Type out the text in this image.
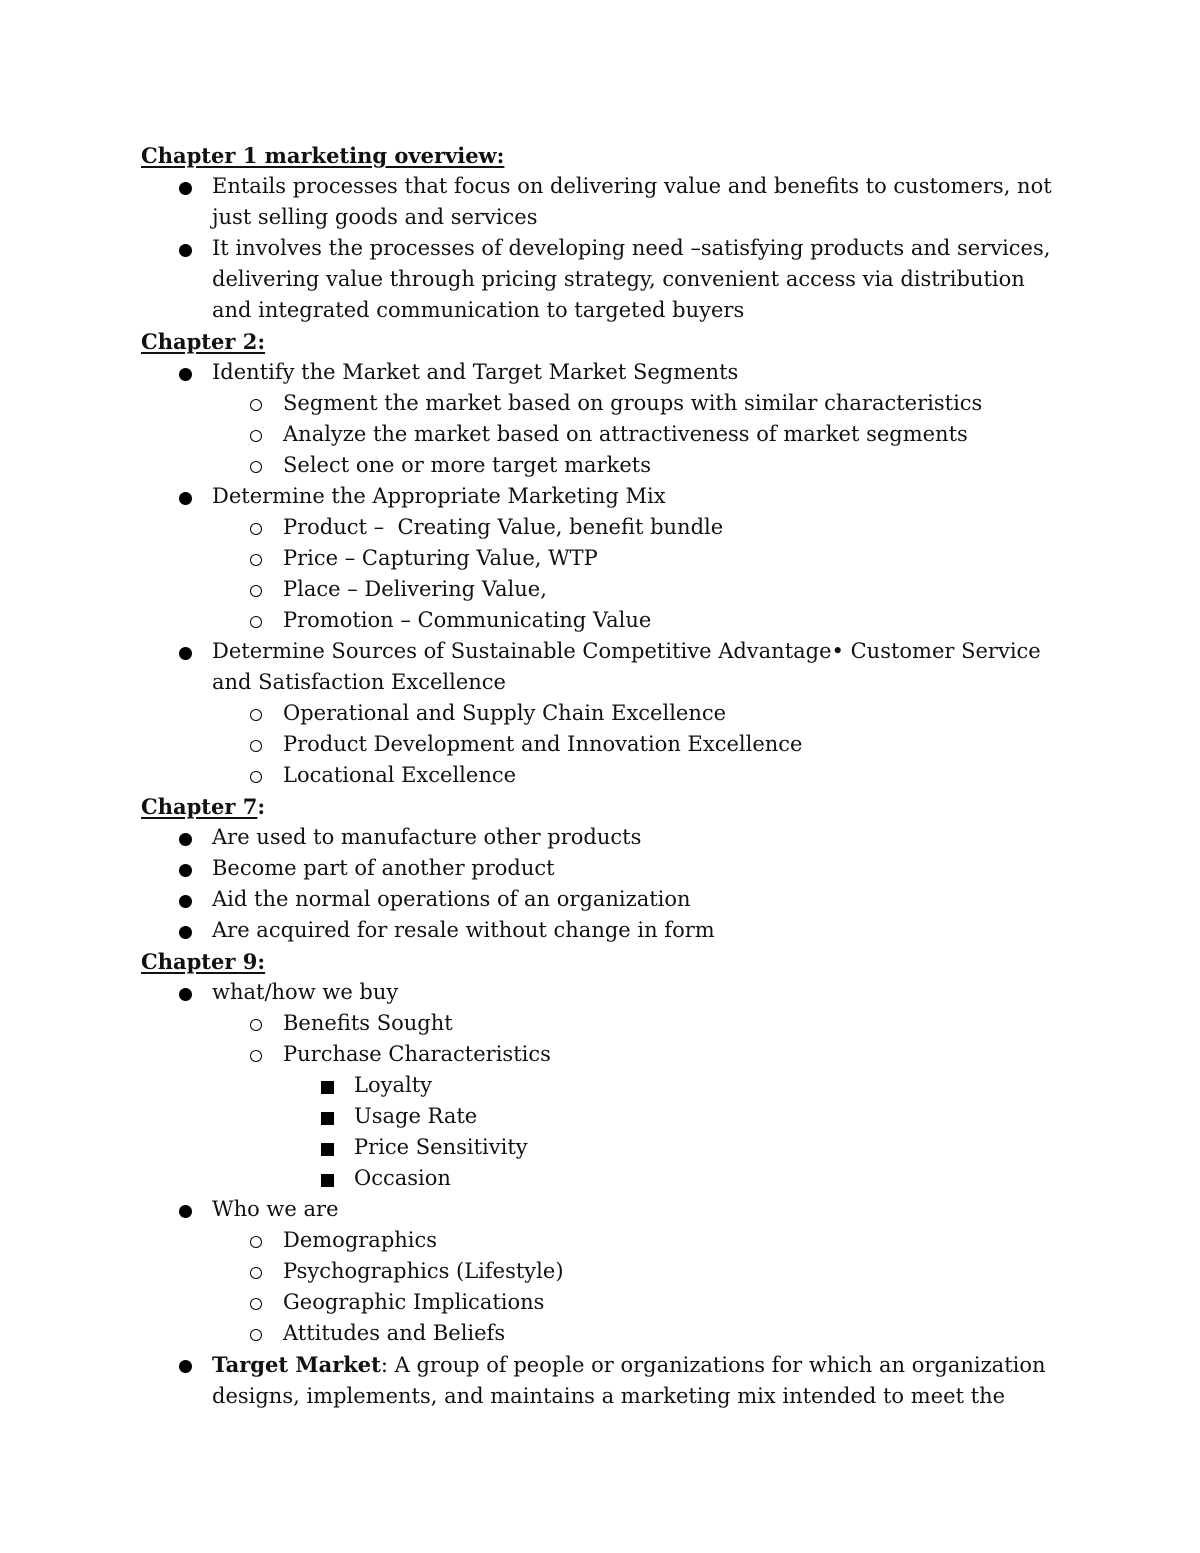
Chapter 1 marketing overview:

Entails processes that focus on delivering value and benefits to customers, not just selling goods and services
It involves the processes of developing need –satisfying products and services, delivering value through pricing strategy, convenient access via distribution and integrated communication to targeted buyers

Chapter 2:

Identify the Market and Target Market Segments
Segment the market based on groups with similar characteristics
Analyze the market based on attractiveness of market segments
Select one or more target markets
Determine the Appropriate Marketing Mix
Product –  Creating Value, benefit bundle
Price – Capturing Value, WTP
Place – Delivering Value,
Promotion – Communicating Value
Determine Sources of Sustainable Competitive Advantage• Customer Service and Satisfaction Excellence
Operational and Supply Chain Excellence
Product Development and Innovation Excellence
Locational Excellence

Chapter 7:

Are used to manufacture other products
Become part of another product
Aid the normal operations of an organization
Are acquired for resale without change in form

Chapter 9:

what/how we buy
Benefits Sought
Purchase Characteristics
Loyalty
Usage Rate
Price Sensitivity
Occasion
Who we are
Demographics
Psychographics (Lifestyle)
Geographic Implications
Attitudes and Beliefs
Target Market: A group of people or organizations for which an organization designs, implements, and maintains a marketing mix intended to meet the
